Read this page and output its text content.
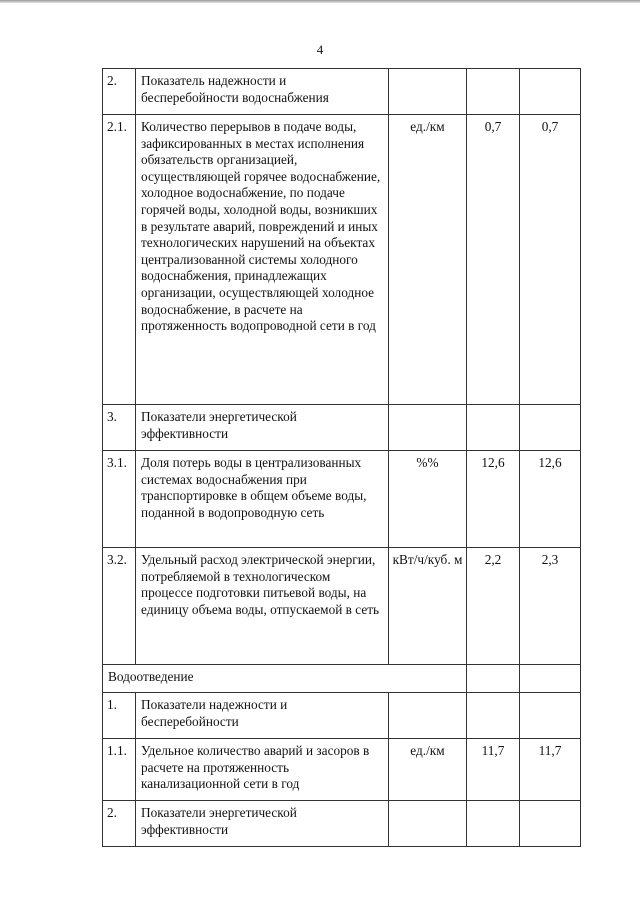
4
2.	Показатель надежности и бесперебойности водоснабжения			
2.1.	Количество перерывов в подаче воды, зафиксированных в местах исполнения обязательств организацией, осуществляющей горячее водоснабжение, холодное водоснабжение, по подаче горячей воды, холодной воды, возникших в результате аварий, повреждений и иных технологических нарушений на объектах централизованной системы холодного водоснабжения, принадлежащих организации, осуществляющей холодное водоснабжение, в расчете на протяженность водопроводной сети в год	ед./км	0,7	0,7
3.	Показатели энергетической эффективности			
3.1.	Доля потерь воды в централизованных системах водоснабжения при транспортировке в общем объеме воды, поданной в водопроводную сеть	%%	12,6	12,6
3.2.	Удельный расход электрической энергии, потребляемой в технологическом процессе подготовки питьевой воды, на единицу объема воды, отпускаемой в сеть	кВт/ч/куб. м	2,2	2,3
Водоотведение				
1.	Показатели надежности и бесперебойности			
1.1.	Удельное количество аварий и засоров в расчете на протяженность канализационной сети в год	ед./км	11,7	11,7
2.	Показатели энергетической эффективности			
